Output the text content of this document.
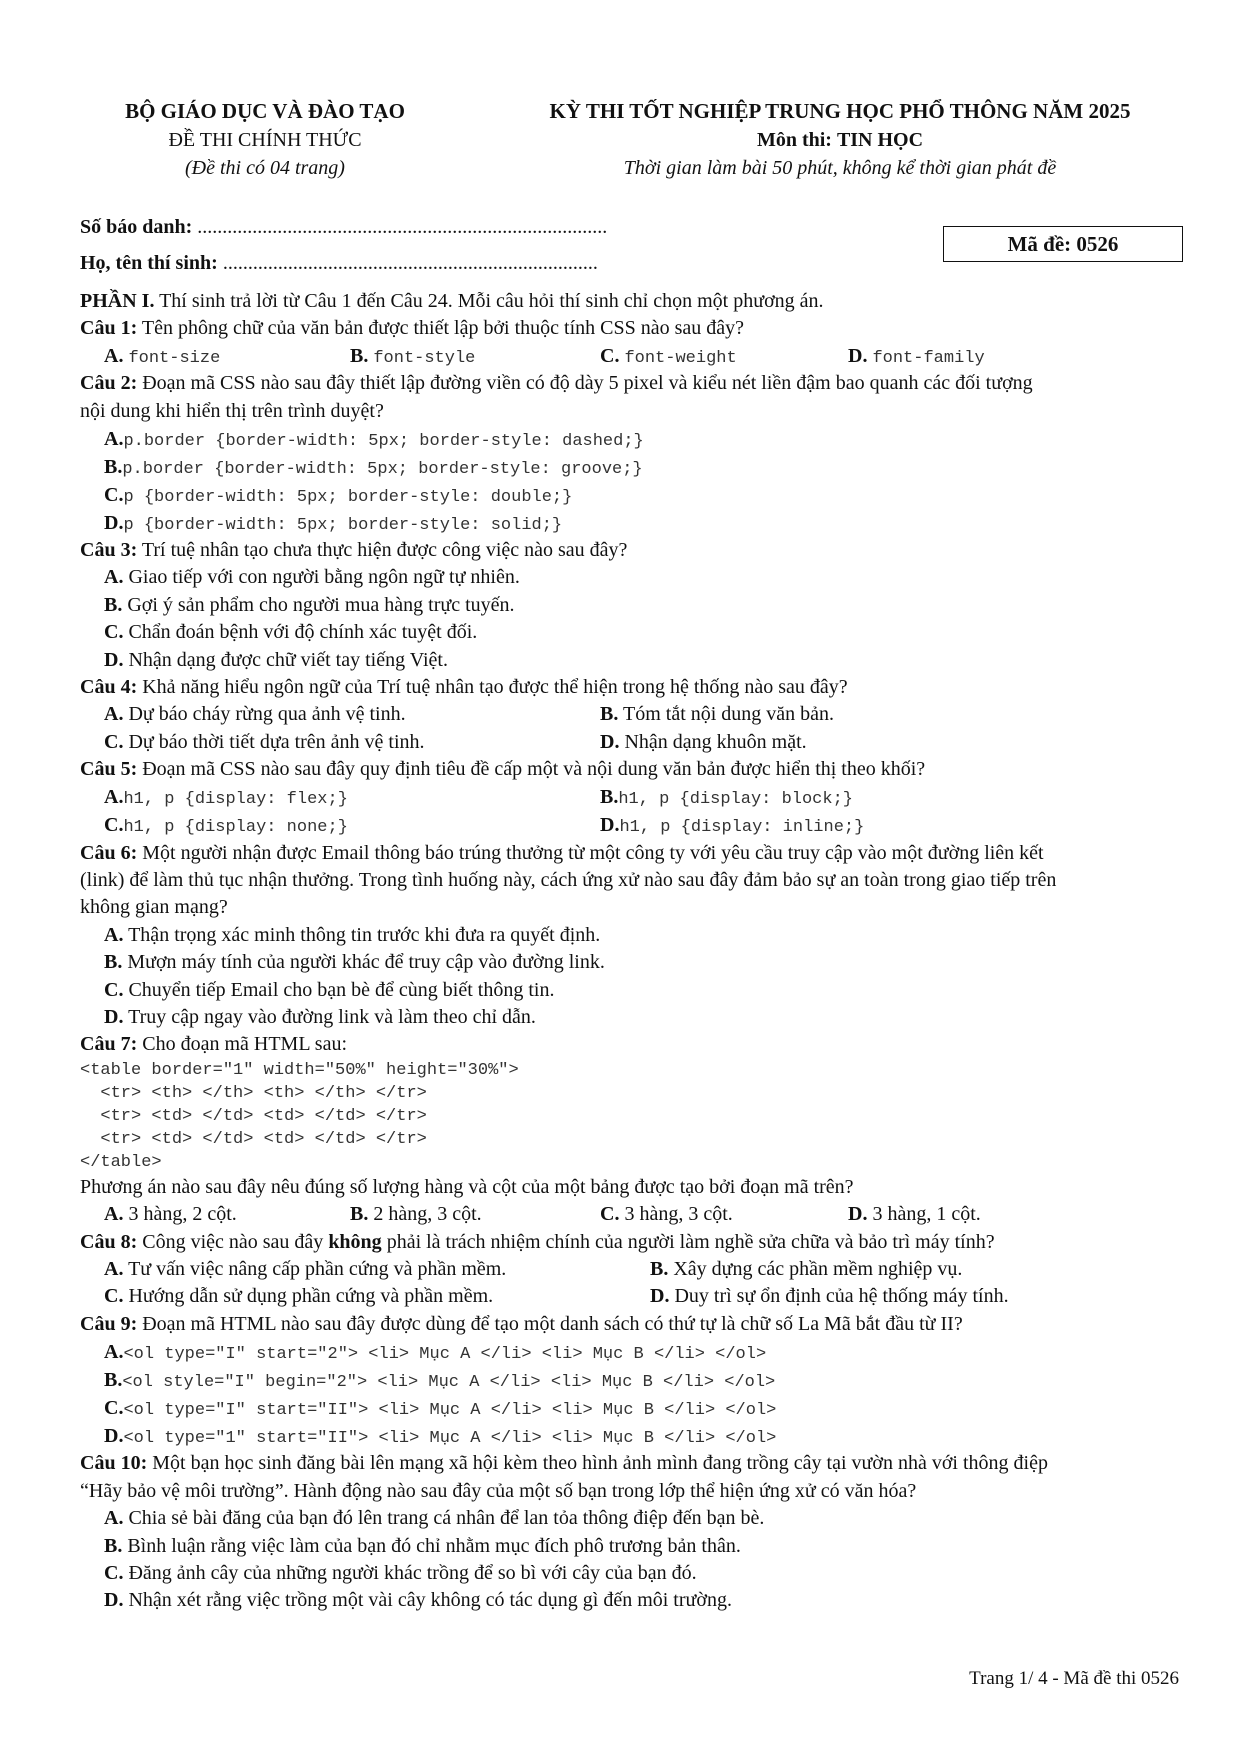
BỘ GIÁO DỤC VÀ ĐÀO TẠO
ĐỀ THI CHÍNH THỨC
(Đề thi có 04 trang)
KỲ THI TỐT NGHIỆP TRUNG HỌC PHỔ THÔNG NĂM 2025
Môn thi: TIN HỌC
Thời gian làm bài 50 phút, không kể thời gian phát đề
Số báo danh: ..................................................................................
Họ, tên thí sinh: ...........................................................................
Mã đề: 0526
PHẦN I. Thí sinh trả lời từ Câu 1 đến Câu 24. Mỗi câu hỏi thí sinh chỉ chọn một phương án.
Câu 1: Tên phông chữ của văn bản được thiết lập bởi thuộc tính CSS nào sau đây?
A. font-size	B. font-style	C. font-weight	D. font-family
Câu 2: Đoạn mã CSS nào sau đây thiết lập đường viền có độ dày 5 pixel và kiểu nét liền đậm bao quanh các đối tượng
nội dung khi hiển thị trên trình duyệt?
A.p.border {border-width: 5px; border-style: dashed;}
B.p.border {border-width: 5px; border-style: groove;}
C.p {border-width: 5px; border-style: double;}
D.p {border-width: 5px; border-style: solid;}
Câu 3: Trí tuệ nhân tạo chưa thực hiện được công việc nào sau đây?
A. Giao tiếp với con người bằng ngôn ngữ tự nhiên.
B. Gợi ý sản phẩm cho người mua hàng trực tuyến.
C. Chẩn đoán bệnh với độ chính xác tuyệt đối.
D. Nhận dạng được chữ viết tay tiếng Việt.
Câu 4: Khả năng hiểu ngôn ngữ của Trí tuệ nhân tạo được thể hiện trong hệ thống nào sau đây?
A. Dự báo cháy rừng qua ảnh vệ tinh.	B. Tóm tắt nội dung văn bản.
C. Dự báo thời tiết dựa trên ảnh vệ tinh.	D. Nhận dạng khuôn mặt.
Câu 5: Đoạn mã CSS nào sau đây quy định tiêu đề cấp một và nội dung văn bản được hiển thị theo khối?
A.h1, p {display: flex;}	B.h1, p {display: block;}
C.h1, p {display: none;}	D.h1, p {display: inline;}
Câu 6: Một người nhận được Email thông báo trúng thưởng từ một công ty với yêu cầu truy cập vào một đường liên kết
(link) để làm thủ tục nhận thưởng. Trong tình huống này, cách ứng xử nào sau đây đảm bảo sự an toàn trong giao tiếp trên
không gian mạng?
A. Thận trọng xác minh thông tin trước khi đưa ra quyết định.
B. Mượn máy tính của người khác để truy cập vào đường link.
C. Chuyển tiếp Email cho bạn bè để cùng biết thông tin.
D. Truy cập ngay vào đường link và làm theo chỉ dẫn.
Câu 7: Cho đoạn mã HTML sau:
<table border="1" width="50%" height="30%">
<tr> <th> </th> <th> </th> </tr>
<tr> <td> </td> <td> </td> </tr>
<tr> <td> </td> <td> </td> </tr>
</table>
Phương án nào sau đây nêu đúng số lượng hàng và cột của một bảng được tạo bởi đoạn mã trên?
A. 3 hàng, 2 cột.	B. 2 hàng, 3 cột.	C. 3 hàng, 3 cột.	D. 3 hàng, 1 cột.
Câu 8: Công việc nào sau đây không phải là trách nhiệm chính của người làm nghề sửa chữa và bảo trì máy tính?
A. Tư vấn việc nâng cấp phần cứng và phần mềm.	B. Xây dựng các phần mềm nghiệp vụ.
C. Hướng dẫn sử dụng phần cứng và phần mềm.	D. Duy trì sự ổn định của hệ thống máy tính.
Câu 9: Đoạn mã HTML nào sau đây được dùng để tạo một danh sách có thứ tự là chữ số La Mã bắt đầu từ II?
A.<ol type="I" start="2"> <li> Mục A </li> <li> Mục B </li> </ol>
B.<ol style="I" begin="2"> <li> Mục A </li> <li> Mục B </li> </ol>
C.<ol type="I" start="II"> <li> Mục A </li> <li> Mục B </li> </ol>
D.<ol type="1" start="II"> <li> Mục A </li> <li> Mục B </li> </ol>
Câu 10: Một bạn học sinh đăng bài lên mạng xã hội kèm theo hình ảnh mình đang trồng cây tại vườn nhà với thông điệp
“Hãy bảo vệ môi trường”. Hành động nào sau đây của một số bạn trong lớp thể hiện ứng xử có văn hóa?
A. Chia sẻ bài đăng của bạn đó lên trang cá nhân để lan tỏa thông điệp đến bạn bè.
B. Bình luận rằng việc làm của bạn đó chỉ nhằm mục đích phô trương bản thân.
C. Đăng ảnh cây của những người khác trồng để so bì với cây của bạn đó.
D. Nhận xét rằng việc trồng một vài cây không có tác dụng gì đến môi trường.
Trang 1/ 4 - Mã đề thi 0526
